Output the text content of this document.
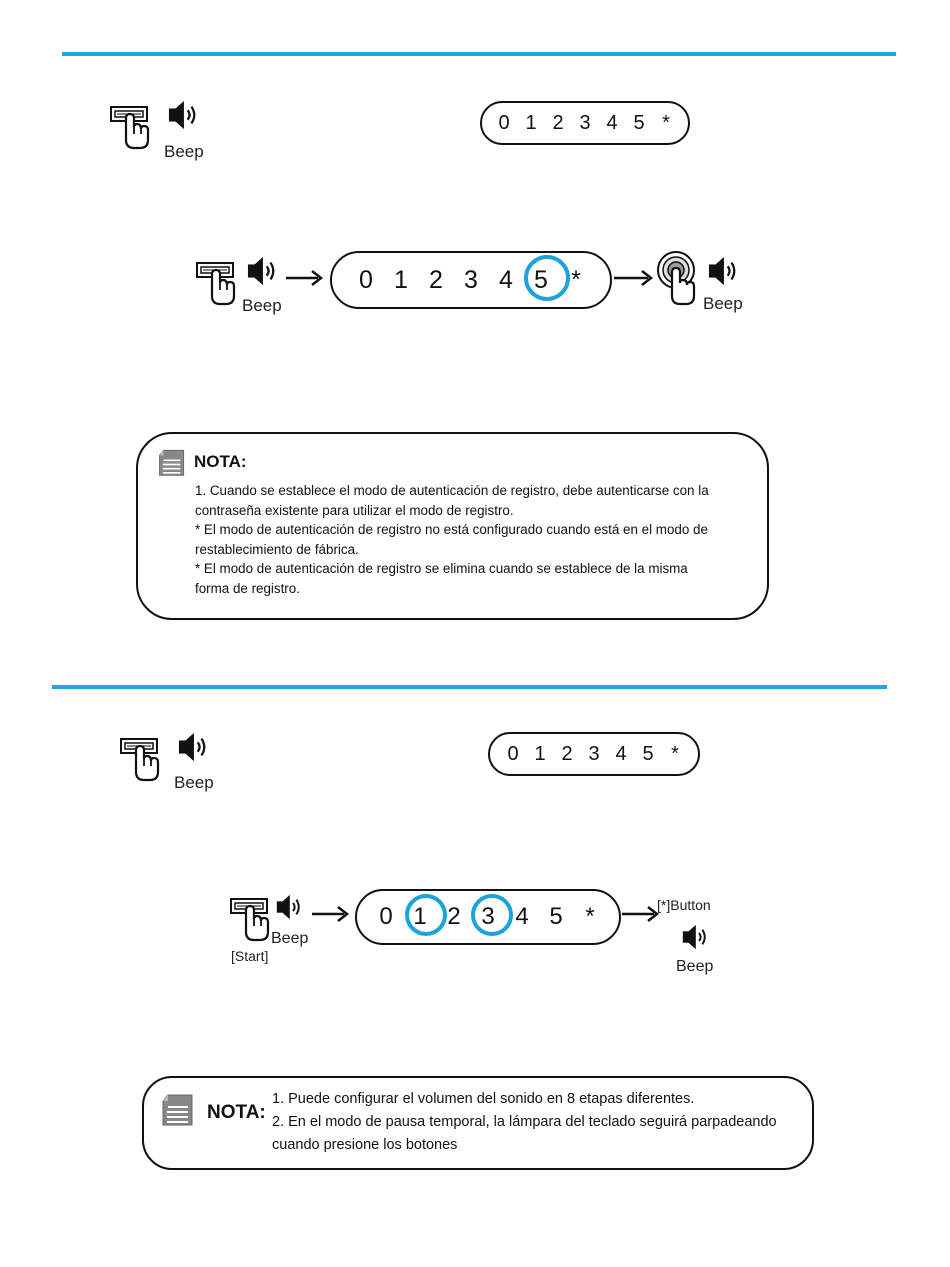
Beep
0 1 2 3 4 5 *
Beep
0 1 2 3 4 5 *
Beep
NOTA:
1. Cuando se establece el modo de autenticación de registro, debe autenticarse con la
contraseña existente para utilizar el modo de registro.
* El modo de autenticación de registro no está configurado cuando está en el modo de
restablecimiento de fábrica.
* El modo de autenticación de registro se elimina cuando se establece de la misma
forma de registro.
Beep
0 1 2 3 4 5 *
Beep
[Start]
0 1 2 3 4 5 *	[*]Button
Beep
NOTA:
1. Puede configurar el volumen del sonido en 8 etapas diferentes.
2. En el modo de pausa temporal, la lámpara del teclado seguirá parpadeando
cuando presione los botones
